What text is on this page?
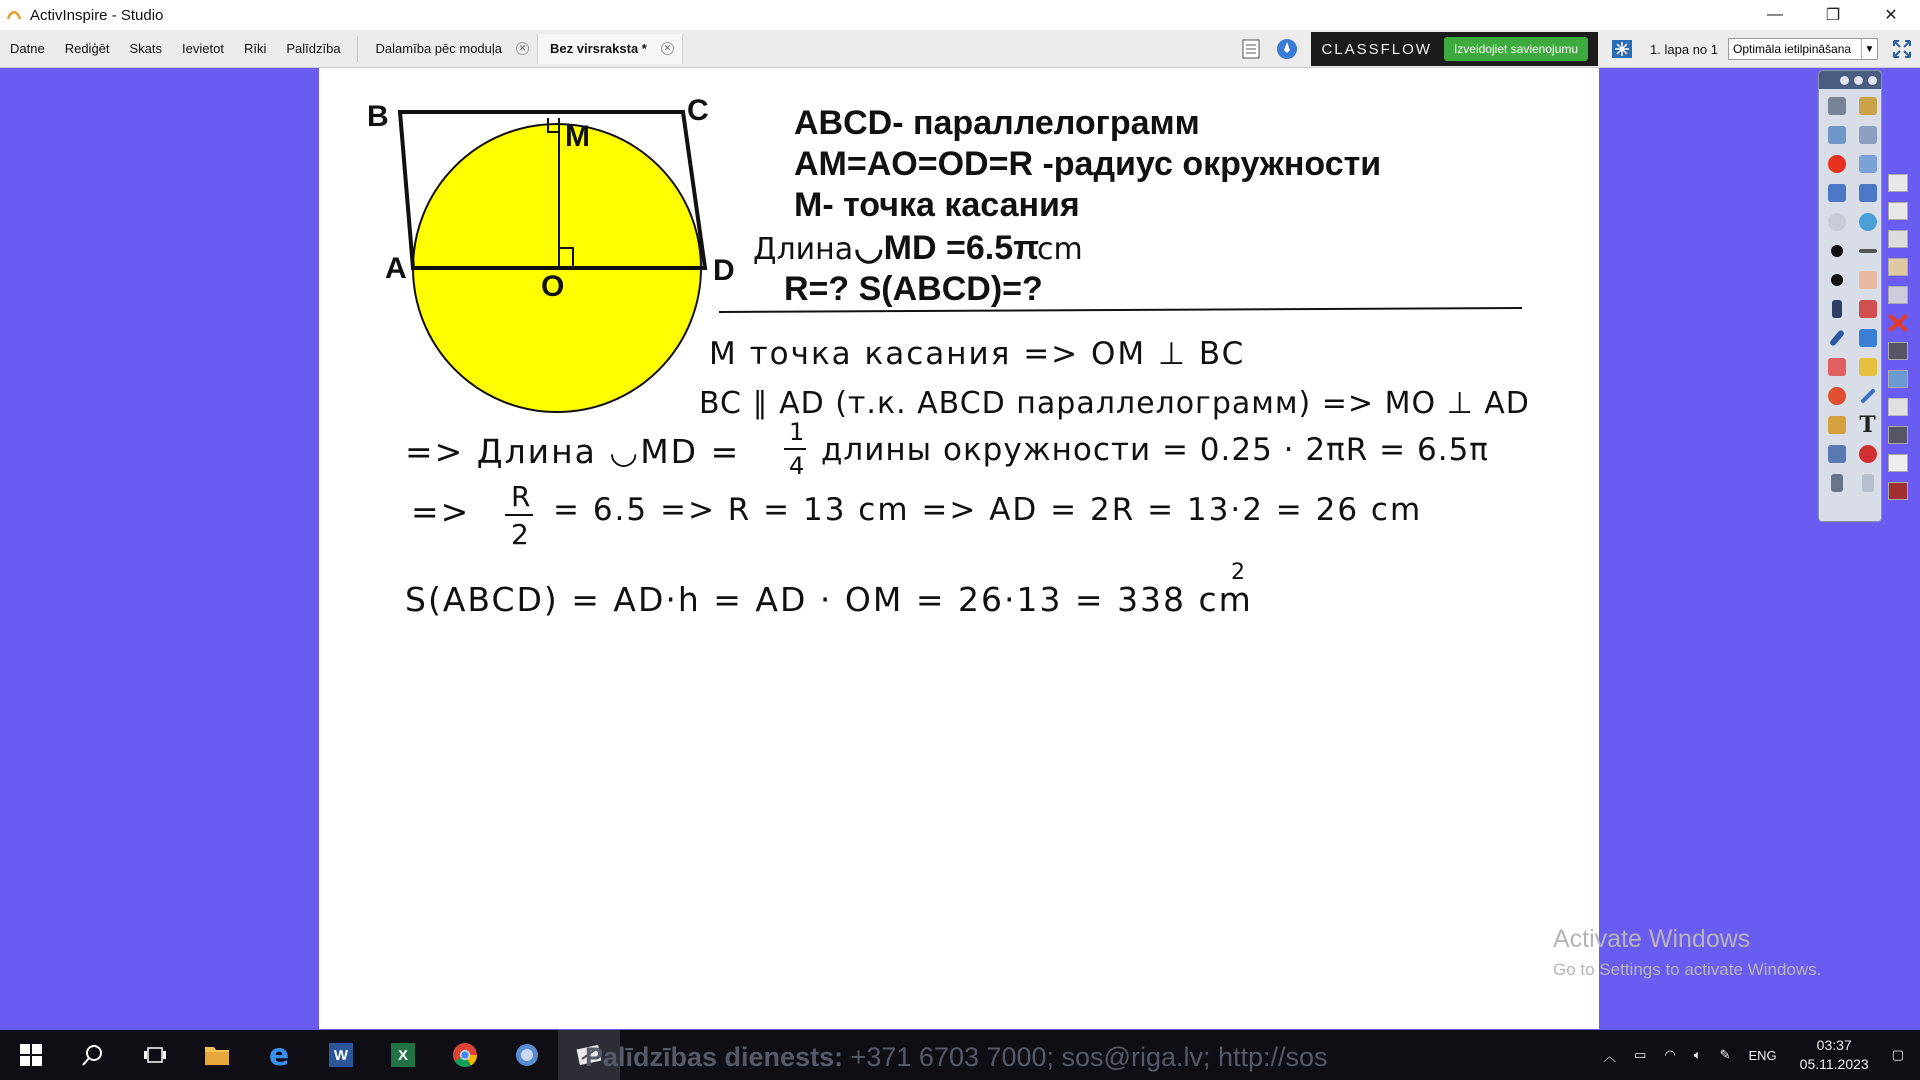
ActivInspire - Studio	—	❐	✕
Datne	Rediģēt	Skats	Ievietot	Rīki	Palīdzība	Dalamība pēc moduļa	✕ Bez virsraksta *	✕	CLASSFLOW	Izveidojiet savienojumu	1. lapa no 1 Optimāla ietilpināšana	▼
B	C
A	D
M
O
ABCD- параллелограмм
AM=AO=OD=R -радиус окружности
M- точка касания
Длина ◡MD =6.5π
cm
R=? S(ABCD)=?
М точка касания => OM ⊥ BC
BC ∥ AD (т.к. ABCD параллелограмм) => MO ⊥ AD
=> Длина ◡MD = 1
4 длины окружности = 0.25 · 2πR = 6.5π
=> R
2
= 6.5 => R = 13 cm => AD = 2R = 13·2 = 26 cm
S(ABCD) = AD·h = AD · OM = 26·13 = 338 cm
2
Activate Windows
Go to Settings to activate Windows.
T
e	W	X	Palīdzības dienests: +371 6703 7000; sos@riga.lv; http://sos	︿ ▭ ◠ 🔈︎ ✎ ENG
03:37
05.11.2023
▢
